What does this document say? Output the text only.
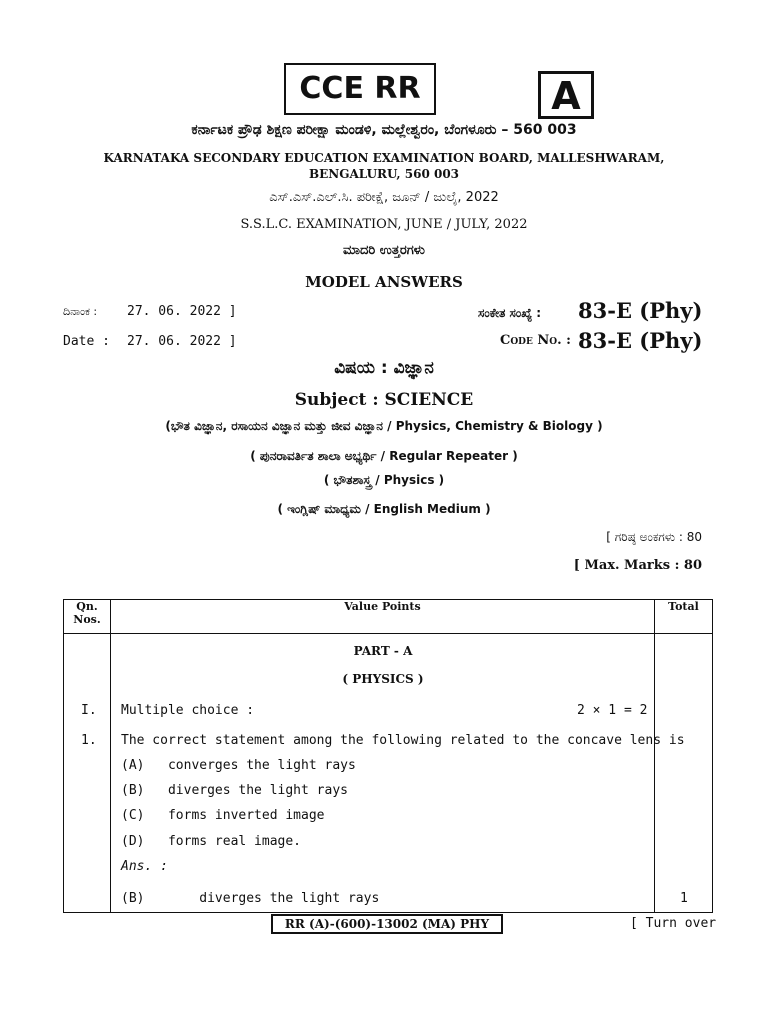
CCE RR	A
ಕರ್ನಾಟಕ ಪ್ರೌಢ ಶಿಕ್ಷಣ ಪರೀಕ್ಷಾ ಮಂಡಳಿ, ಮಲ್ಲೇಶ್ವರಂ, ಬೆಂಗಳೂರು – 560 003
KARNATAKA SECONDARY EDUCATION EXAMINATION BOARD, MALLESHWARAM,
BENGALURU, 560 003
ಎಸ್.ಎಸ್.ಎಲ್.ಸಿ. ಪರೀಕ್ಷೆ, ಜೂನ್ / ಜುಲೈ, 2022
S.S.L.C. EXAMINATION, JUNE / JULY, 2022
ಮಾದರಿ ಉತ್ತರಗಳು
MODEL ANSWERS
ದಿನಾಂಕ : 27. 06. 2022 ]	ಸಂಕೇತ ಸಂಖ್ಯೆ : 83-E (Phy)
Date : 27. 06. 2022 ]	Code No. : 83-E (Phy)
ವಿಷಯ : ವಿಜ್ಞಾನ
Subject : SCIENCE
(ಭೌತ ವಿಜ್ಞಾನ, ರಸಾಯನ ವಿಜ್ಞಾನ ಮತ್ತು ಜೀವ ವಿಜ್ಞಾನ / Physics, Chemistry & Biology )
( ಪುನರಾವರ್ತಿತ ಶಾಲಾ ಅಭ್ಯರ್ಥಿ / Regular Repeater )
( ಭೌತಶಾಸ್ತ್ರ / Physics )
( ಇಂಗ್ಲಿಷ್ ಮಾಧ್ಯಮ / English Medium )
[ ಗರಿಷ್ಠ ಅಂಕಗಳು : 80
[ Max. Marks : 80
Qn. Nos.	Value Points	Total

PART - A
( PHYSICS )
I. Multiple choice :	2 × 1 = 2
1. The correct statement among the following related to the concave lens is
(A)   converges the light rays
(B)   diverges the light rays
(C)   forms inverted image
(D)   forms real image.
Ans. :
(B)       diverges the light rays	1
RR (A)-(600)-13002 (MA) PHY	[ Turn over
